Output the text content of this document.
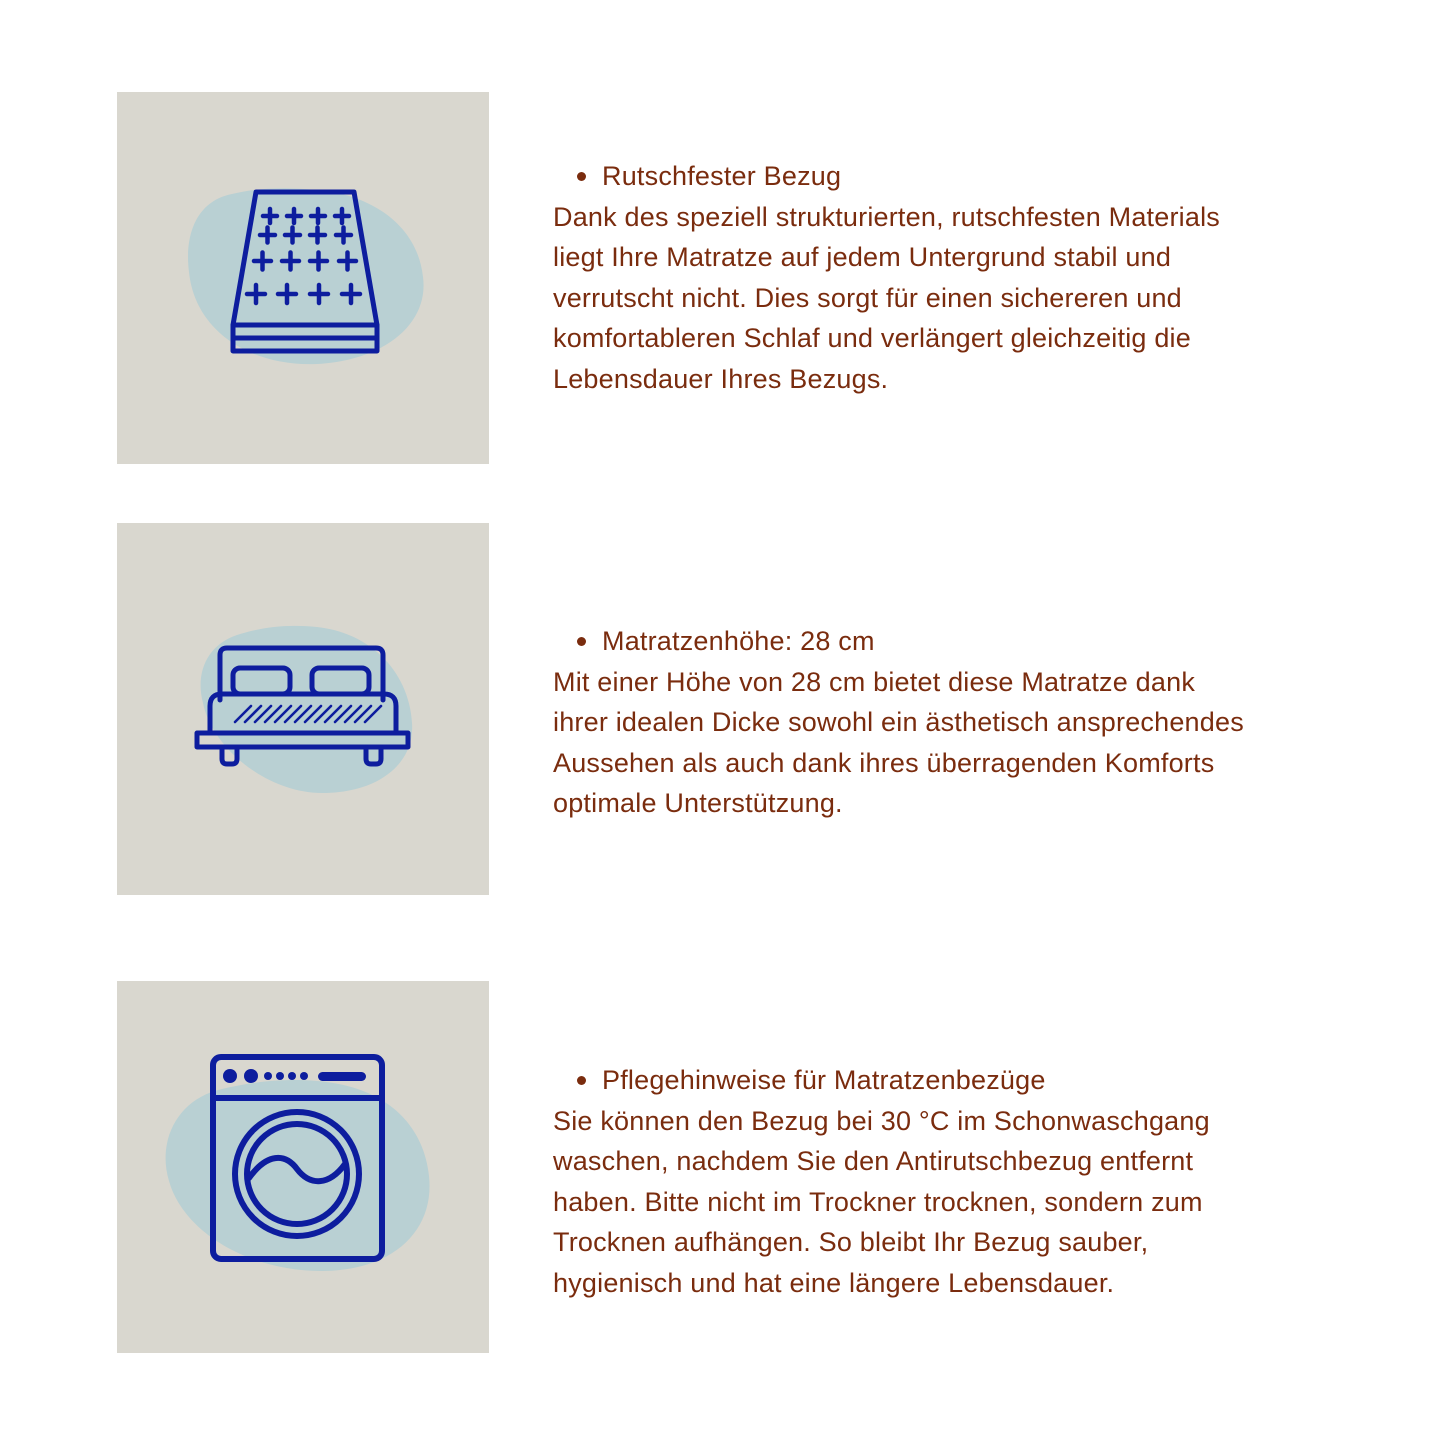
Rutschfester Bezug

Dank des speziell strukturierten, rutschfesten Materials
liegt Ihre Matratze auf jedem Untergrund stabil und
verrutscht nicht. Dies sorgt für einen sichereren und
komfortableren Schlaf und verlängert gleichzeitig die
Lebensdauer Ihres Bezugs.

Matratzenhöhe: 28 cm

Mit einer Höhe von 28 cm bietet diese Matratze dank
ihrer idealen Dicke sowohl ein ästhetisch ansprechendes
Aussehen als auch dank ihres überragenden Komforts
optimale Unterstützung.

Pflegehinweise für Matratzenbezüge

Sie können den Bezug bei 30 °C im Schonwaschgang
waschen, nachdem Sie den Antirutschbezug entfernt
haben. Bitte nicht im Trockner trocknen, sondern zum
Trocknen aufhängen. So bleibt Ihr Bezug sauber,
hygienisch und hat eine längere Lebensdauer.
